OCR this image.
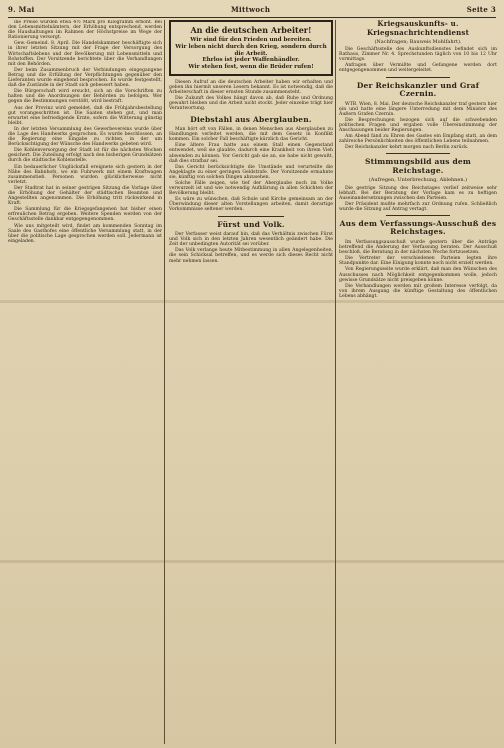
9. Mai	Mittwoch	Seite 3

die Preise wurden etwa 4½ Mark pro Kilogramm erhöht. Bei den Lebensmittelnämtern, der Erhöhung entsprechend, werden die Haushaltungen im Rahmen der Höchstpreise im Wege der Rationierung versorgt.

Gew.-Gemeind. 8. April. Die Handelskammer beschäftigte sich in ihrer letzten Sitzung mit der Frage der Versorgung des Wirtschaftslebens und der Bevölkerung mit Lebensmitteln und Rohstoffen. Der Vorsitzende berichtete über die Verhandlungen mit den Behörden.

Der beim Zusammenbruch der Verbindungen eingegangene Betrag und die Erfüllung der Verpflichtungen gegenüber den Lieferanten wurde eingehend besprochen. Es wurde festgestellt, daß die Zustände in der Stadt sich gebessert haben.

Die Bürgerschaft wird ersucht, sich an die Vorschriften zu halten und die Anordnungen der Behörden zu befolgen. Wer gegen die Bestimmungen verstößt, wird bestraft.

Aus der Provinz wird gemeldet, daß die Frühjahrsbestellung gut vorangeschritten ist. Die Saaten stehen gut, und man erwartet eine befriedigende Ernte, sofern die Witterung günstig bleibt.

In der letzten Versammlung des Gewerbevereins wurde über die Lage des Handwerks gesprochen. Es wurde beschlossen, an die Regierung eine Eingabe zu richten, in der um Berücksichtigung der Wünsche des Handwerks gebeten wird.

Die Kohlenversorgung der Stadt ist für die nächsten Wochen gesichert. Die Zuteilung erfolgt nach den bisherigen Grundsätzen durch die städtische Kohlenstelle.

Ein bedauerlicher Unglücksfall ereignete sich gestern in der Nähe des Bahnhofs, wo ein Fuhrwerk mit einem Kraftwagen zusammenstieß. Personen wurden glücklicherweise nicht verletzt.

Der Stadtrat hat in seiner gestrigen Sitzung die Vorlage über die Erhöhung der Gehälter der städtischen Beamten und Angestellten angenommen. Die Erhöhung tritt rückwirkend in Kraft.

Die Sammlung für die Kriegsgefangenen hat bisher einen erfreulichen Betrag ergeben. Weitere Spenden werden von der Geschäftsstelle dankbar entgegengenommen.

Wie uns mitgeteilt wird, findet am kommenden Sonntag im Saale des Gasthofes eine öffentliche Versammlung statt, in der über die politische Lage gesprochen werden soll. Jedermann ist eingeladen.

An die deutschen Arbeiter!
Wir sind für den Frieden und bereiten.
Wir leben nicht durch den Krieg, sondern durch die Arbeit.
Ehrlos ist jeder Waffenhändler.
Wir stehen fest, wenn die Brüder rufen!

Diesen Aufruf an die deutschen Arbeiter haben wir erhalten und geben ihn hiermit unseren Lesern bekannt. Es ist notwendig, daß die Arbeiterschaft in dieser ernsten Stunde zusammensteht.

Die Zukunft des Volkes hängt davon ab, daß Ruhe und Ordnung gewahrt bleiben und die Arbeit nicht stockt. Jeder einzelne trägt hier Verantwortung.

Diebstahl aus Aberglauben.

Man hört oft von Fällen, in denen Menschen aus Aberglauben zu Handlungen verleitet werden, die mit dem Gesetz in Konflikt kommen. Ein solcher Fall beschäftigte kürzlich das Gericht.

Eine ältere Frau hatte aus einem Stall einen Gegenstand entwendet, weil sie glaubte, dadurch eine Krankheit von ihrem Vieh abwenden zu können. Vor Gericht gab sie an, sie habe nicht gewußt, daß dies strafbar sei.

Das Gericht berücksichtigte die Umstände und verurteilte die Angeklagte zu einer geringen Geldstrafe. Der Vorsitzende ermahnte sie, künftig von solchen Dingen abzusehen.

Solche Fälle zeigen, wie tief der Aberglaube noch im Volke verwurzelt ist und wie notwendig Aufklärung in allen Schichten der Bevölkerung bleibt.

Es wäre zu wünschen, daß Schule und Kirche gemeinsam an der Überwindung dieser alten Vorstellungen arbeiten, damit derartige Vorkommnisse seltener werden.

Fürst und Volk.

Der Verfasser weist darauf hin, daß das Verhältnis zwischen Fürst und Volk sich in den letzten Jahren wesentlich geändert habe. Die Zeit der unbedingten Autorität sei vorüber.

Das Volk verlange heute Mitbestimmung in allen Angelegenheiten, die sein Schicksal betreffen, und es werde sich dieses Recht nicht mehr nehmen lassen.

Kriegsauskunfts- u. Kriegsnachrichtendienst
(Nachfragen; Bauweis Mohlfahrt).

Die Geschäftsstelle des Auskunftsdienstes befindet sich im Rathaus, Zimmer Nr. 4. Sprechstunden täglich von 10 bis 12 Uhr vormittags.

Anfragen über Vermißte und Gefangene werden dort entgegengenommen und weitergeleitet.

Der Reichskanzler und Graf Czernin.

WTB. Wien, 8. Mai. Der deutsche Reichskanzler traf gestern hier ein und hatte eine längere Unterredung mit dem Minister des Äußern Grafen Czernin.

Die Besprechungen bezogen sich auf die schwebenden politischen Fragen und ergaben volle Übereinstimmung der Anschauungen beider Regierungen.

Am Abend fand zu Ehren des Gastes ein Empfang statt, an dem zahlreiche Persönlichkeiten des öffentlichen Lebens teilnahmen.

Der Reichskanzler kehrt morgen nach Berlin zurück.

Stimmungsbild aus dem Reichstage.
(Aufregen, Unterbrechung, Ablehnen.)

Die gestrige Sitzung des Reichstages verlief zeitweise sehr lebhaft. Bei der Beratung der Vorlage kam es zu heftigen Auseinandersetzungen zwischen den Parteien.

Der Präsident mußte mehrfach zur Ordnung rufen. Schließlich wurde die Sitzung auf Antrag vertagt.

Aus dem Verfassungs-Ausschuß des Reichstages.

Im Verfassungsausschuß wurde gestern über die Anträge betreffend die Änderung der Verfassung beraten. Der Ausschuß beschloß, die Beratung in der nächsten Woche fortzusetzen.

Die Vertreter der verschiedenen Parteien legten ihre Standpunkte dar. Eine Einigung konnte noch nicht erzielt werden.

Von Regierungsseite wurde erklärt, daß man den Wünschen des Ausschusses nach Möglichkeit entgegenkommen wolle, jedoch gewisse Grundsätze nicht preisgeben könne.

Die Verhandlungen werden mit großem Interesse verfolgt, da von ihrem Ausgang die künftige Gestaltung des öffentlichen Lebens abhängt.
